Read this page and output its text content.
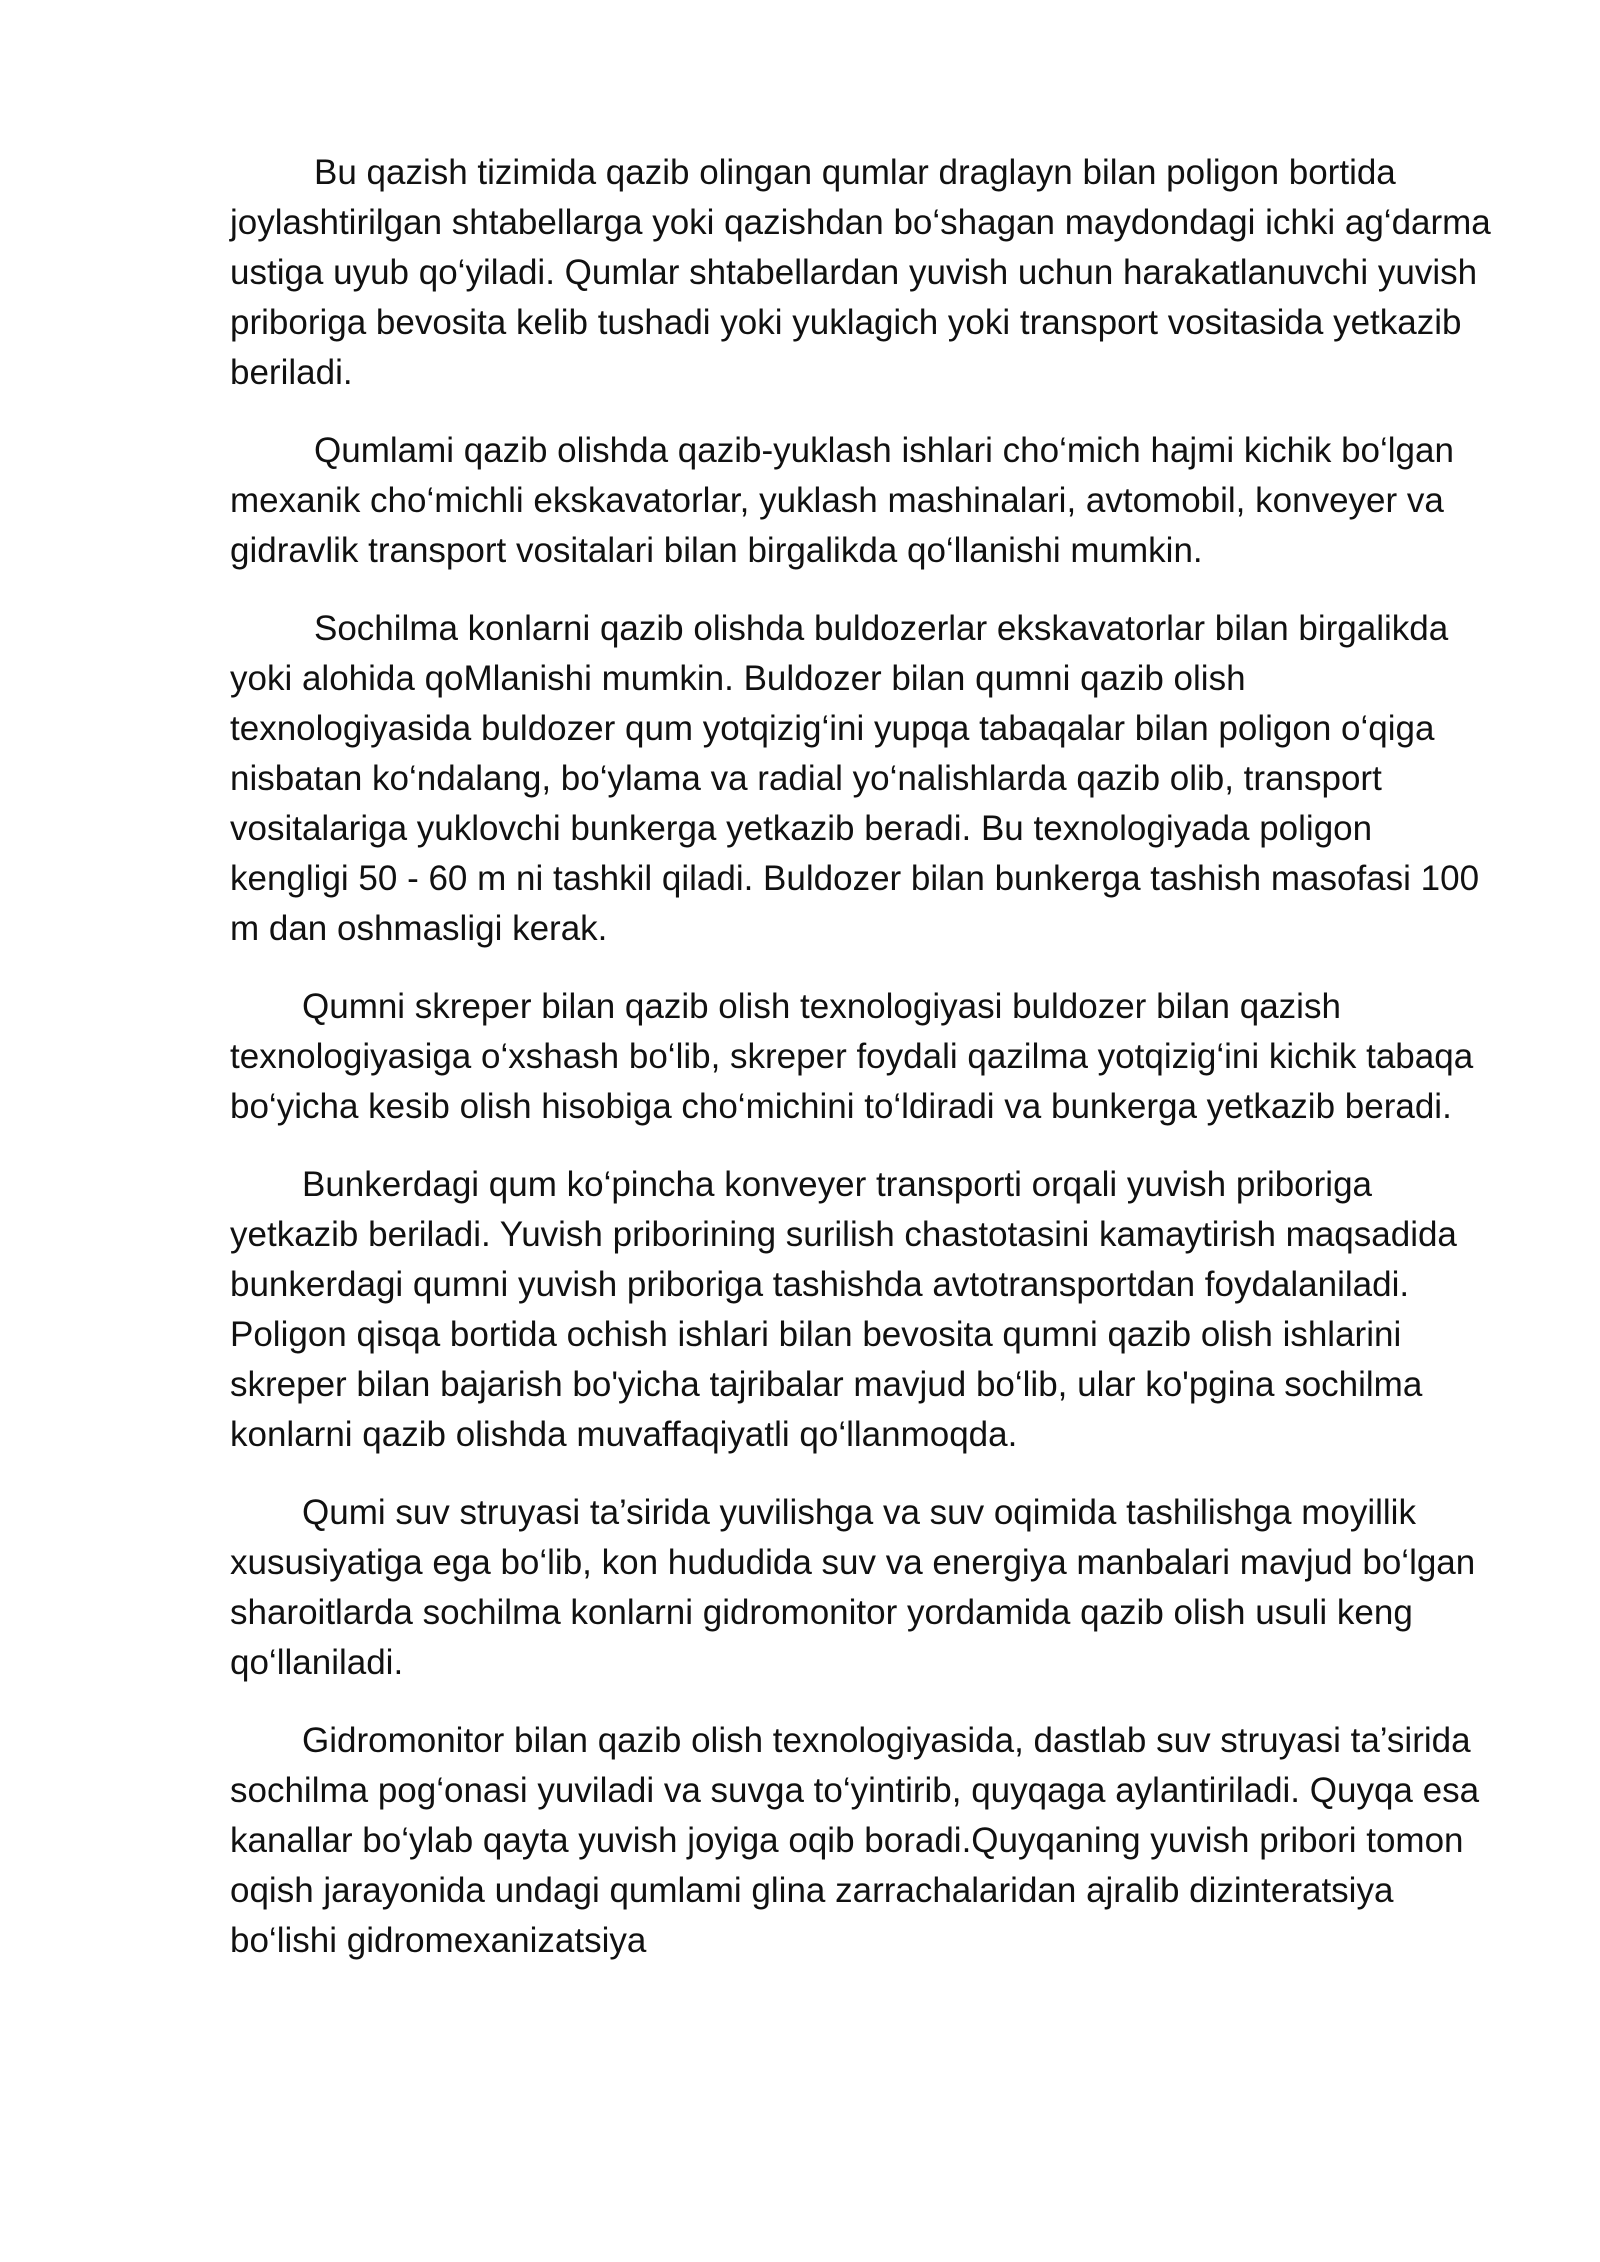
Bu qazish tizimida qazib olingan qumlar draglayn bilan poligon bortida joylashtirilgan shtabellarga yoki qazishdan bo‘shagan maydondagi ichki ag‘darma ustiga uyub qo‘yiladi. Qumlar shtabellardan yuvish uchun harakatlanuvchi yuvish priboriga bevosita kelib tushadi yoki yuklagich yoki transport vositasida yetkazib beriladi.

Qumlami qazib olishda qazib-yuklash ishlari cho‘mich hajmi kichik bo‘lgan mexanik cho‘michli ekskavatorlar, yuklash mashinalari, avtomobil, konveyer va gidravlik transport vositalari bilan birgalikda qo‘llanishi mumkin.

Sochilma konlarni qazib olishda buldozerlar ekskavatorlar bilan birgalikda yoki alohida qoMlanishi mumkin. Buldozer bilan qumni qazib olish texnologiyasida buldozer qum yotqizig‘ini yupqa tabaqalar bilan poligon o‘qiga nisbatan ko‘ndalang, bo‘ylama va radial yo‘nalishlarda qazib olib, transport vositalariga yuklovchi bunkerga yetkazib beradi. Bu texnologiyada poligon kengligi 50 - 60 m ni tashkil qiladi. Buldozer bilan bunkerga tashish masofasi 100 m dan oshmasligi kerak.

Qumni skreper bilan qazib olish texnologiyasi buldozer bilan qazish texnologiyasiga o‘xshash bo‘lib, skreper foydali qazilma yotqizig‘ini kichik tabaqa bo‘yicha kesib olish hisobiga cho‘michini to‘ldiradi va bunkerga yetkazib beradi.

Bunkerdagi qum ko‘pincha konveyer transporti orqali yuvish priboriga yetkazib beriladi. Yuvish priborining surilish chastotasini kamaytirish maqsadida bunkerdagi qumni yuvish priboriga tashishda avtotransportdan foydalaniladi. Poligon qisqa bortida ochish ishlari bilan bevosita qumni qazib olish ishlarini skreper bilan bajarish bo'yicha tajribalar mavjud bo‘lib, ular ko'pgina sochilma konlarni qazib olishda muvaffaqiyatli qo‘llanmoqda.

Qumi suv struyasi ta’sirida yuvilishga va suv oqimida tashilishga moyillik xususiyatiga ega bo‘lib, kon hududida suv va energiya manbalari mavjud bo‘lgan sharoitlarda sochilma konlarni gidromonitor yordamida qazib olish usuli keng qo‘llaniladi.

Gidromonitor bilan qazib olish texnologiyasida, dastlab suv struyasi ta’sirida sochilma pog‘onasi yuviladi va suvga to‘yintirib, quyqaga aylantiriladi. Quyqa esa kanallar bo‘ylab qayta yuvish joyiga oqib boradi.Quyqaning yuvish pribori tomon oqish jarayonida undagi qumlami glina zarrachalaridan ajralib dizinteratsiya bo‘lishi gidromexanizatsiya
